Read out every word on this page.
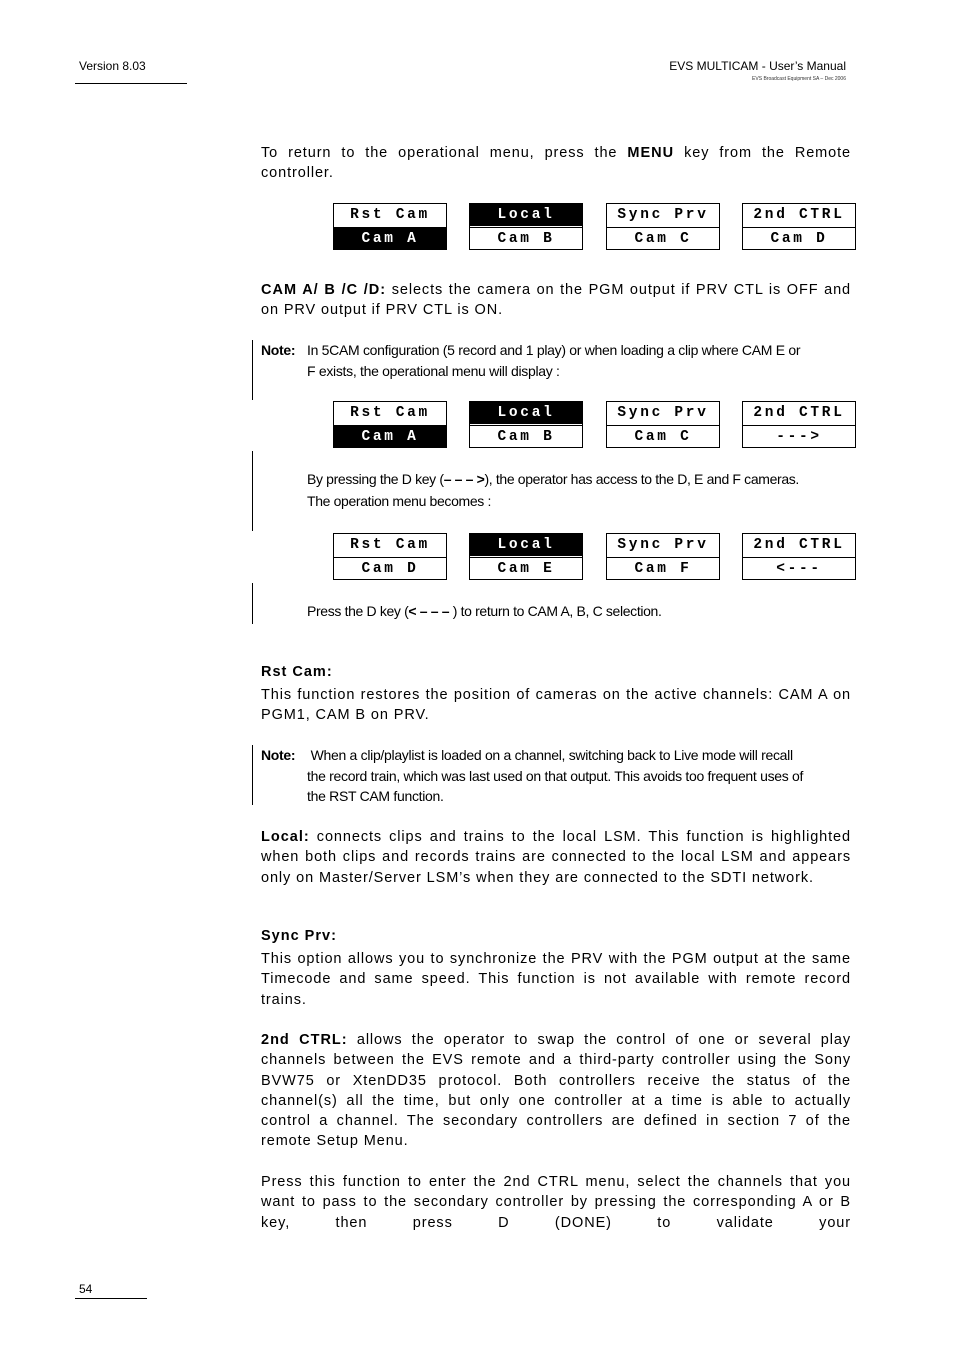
Version 8.03	EVS MULTICAM - User’s Manual
EVS Broadcast Equipment SA – Dec 2006
To return to the operational menu, press the MENU key from the Remote controller.
Rst Cam
Cam A
Local
Cam B
Sync Prv
Cam C
2nd CTRL
Cam D
CAM A/ B /C /D: selects the camera on the PGM output if PRV CTL is OFF and on PRV output if PRV CTL is ON.
Note: In 5CAM configuration (5 record and 1 play) or when loading a clip where CAM E or
F exists, the operational menu will display :
Rst Cam
Cam A
Local
Cam B
Sync Prv
Cam C
2nd CTRL
--->
By pressing the D key (– – – >), the operator has access to the D, E and F cameras.
The operation menu becomes :
Rst Cam
Cam D
Local
Cam E
Sync Prv
Cam F
2nd CTRL
<---
Press the D key (< – – – ) to return to CAM A, B, C selection.
Rst Cam:
This function restores the position of cameras on the active channels: CAM A on PGM1, CAM B on PRV.
Note: When a clip/playlist is loaded on a channel, switching back to Live mode will recall
the record train, which was last used on that output. This avoids too frequent uses of
the RST CAM function.
Local: connects clips and trains to the local LSM. This function is highlighted when both clips and records trains are connected to the local LSM and appears only on Master/Server LSM’s when they are connected to the SDTI network.
Sync Prv:
This option allows you to synchronize the PRV with the PGM output at the same Timecode and same speed. This function is not available with remote record trains.
2nd CTRL: allows the operator to swap the control of one or several play channels between the EVS remote and a third-party controller using the Sony BVW75 or XtenDD35 protocol. Both controllers receive the status of the channel(s) all the time, but only one controller at a time is able to actually control a channel. The secondary controllers are defined in section 7 of the remote Setup Menu.
Press this function to enter the 2nd CTRL menu, select the channels that you want to pass to the secondary controller by pressing the corresponding A or B key, then press D (DONE) to validate your
54
